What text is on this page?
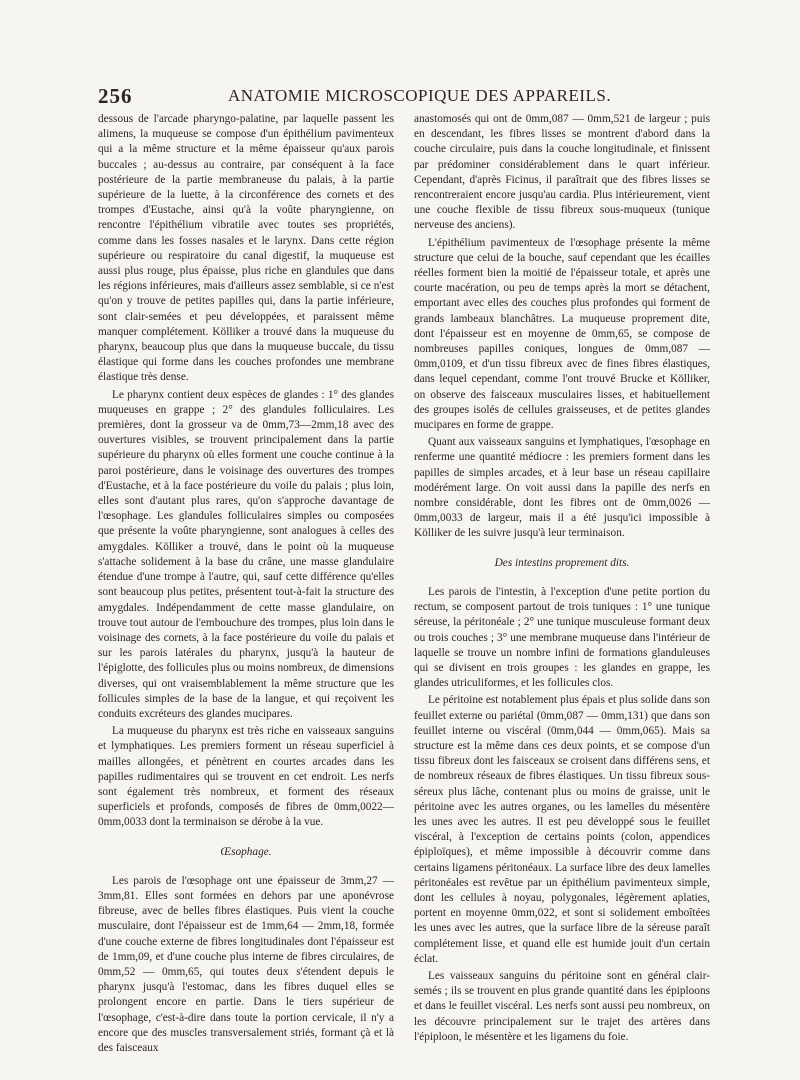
256	ANATOMIE MICROSCOPIQUE DES APPAREILS.

dessous de l'arcade pharyngo-palatine, par laquelle passent les alimens, la muqueuse se compose d'un épithélium pavimenteux qui a la même structure et la même épaisseur qu'aux parois buccales ; au-dessus au contraire, par conséquent à la face postérieure de la partie membraneuse du palais, à la partie supérieure de la luette, à la circonférence des cornets et des trompes d'Eustache, ainsi qu'à la voûte pharyngienne, on rencontre l'épithélium vibratile avec toutes ses propriétés, comme dans les fosses nasales et le larynx. Dans cette région supérieure ou respiratoire du canal digestif, la muqueuse est aussi plus rouge, plus épaisse, plus riche en glandules que dans les régions inférieures, mais d'ailleurs assez semblable, si ce n'est qu'on y trouve de petites papilles qui, dans la partie inférieure, sont clair-semées et peu développées, et paraissent même manquer complétement. Kölliker a trouvé dans la muqueuse du pharynx, beaucoup plus que dans la muqueuse buccale, du tissu élastique qui forme dans les couches profondes une membrane élastique très dense.

Le pharynx contient deux espèces de glandes : 1° des glandes muqueuses en grappe ; 2° des glandules folliculaires. Les premières, dont la grosseur va de 0mm,73—2mm,18 avec des ouvertures visibles, se trouvent principalement dans la partie supérieure du pharynx où elles forment une couche continue à la paroi postérieure, dans le voisinage des ouvertures des trompes d'Eustache, et à la face postérieure du voile du palais ; plus loin, elles sont d'autant plus rares, qu'on s'approche davantage de l'œsophage. Les glandules folliculaires simples ou composées que présente la voûte pharyngienne, sont analogues à celles des amygdales. Kölliker a trouvé, dans le point où la muqueuse s'attache solidement à la base du crâne, une masse glandulaire étendue d'une trompe à l'autre, qui, sauf cette différence qu'elles sont beaucoup plus petites, présentent tout-à-fait la structure des amygdales. Indépendamment de cette masse glandulaire, on trouve tout autour de l'embouchure des trompes, plus loin dans le voisinage des cornets, à la face postérieure du voile du palais et sur les parois latérales du pharynx, jusqu'à la hauteur de l'épiglotte, des follicules plus ou moins nombreux, de dimensions diverses, qui ont vraisemblablement la même structure que les follicules simples de la base de la langue, et qui reçoivent les conduits excréteurs des glandes mucipares.

La muqueuse du pharynx est très riche en vaisseaux sanguins et lymphatiques. Les premiers forment un réseau superficiel à mailles allongées, et pénètrent en courtes arcades dans les papilles rudimentaires qui se trouvent en cet endroit. Les nerfs sont également très nombreux, et forment des réseaux superficiels et profonds, composés de fibres de 0mm,0022—0mm,0033 dont la terminaison se dérobe à la vue.

Œsophage.

Les parois de l'œsophage ont une épaisseur de 3mm,27 — 3mm,81. Elles sont formées en dehors par une aponévrose fibreuse, avec de belles fibres élastiques. Puis vient la couche musculaire, dont l'épaisseur est de 1mm,64 — 2mm,18, formée d'une couche externe de fibres longitudinales dont l'épaisseur est de 1mm,09, et d'une couche plus interne de fibres circulaires, de 0mm,52 — 0mm,65, qui toutes deux s'étendent depuis le pharynx jusqu'à l'estomac, dans les fibres duquel elles se prolongent encore en partie. Dans le tiers supérieur de l'œsophage, c'est-à-dire dans toute la portion cervicale, il n'y a encore que des muscles transversalement striés, formant çà et là des faisceaux

anastomosés qui ont de 0mm,087 — 0mm,521 de largeur ; puis en descendant, les fibres lisses se montrent d'abord dans la couche circulaire, puis dans la couche longitudinale, et finissent par prédominer considérablement dans le quart inférieur. Cependant, d'après Ficinus, il paraîtrait que des fibres lisses se rencontreraient encore jusqu'au cardia. Plus intérieurement, vient une couche flexible de tissu fibreux sous-muqueux (tunique nerveuse des anciens).

L'épithélium pavimenteux de l'œsophage présente la même structure que celui de la bouche, sauf cependant que les écailles réelles forment bien la moitié de l'épaisseur totale, et après une courte macération, ou peu de temps après la mort se détachent, emportant avec elles des couches plus profondes qui forment de grands lambeaux blanchâtres. La muqueuse proprement dite, dont l'épaisseur est en moyenne de 0mm,65, se compose de nombreuses papilles coniques, longues de 0mm,087 — 0mm,0109, et d'un tissu fibreux avec de fines fibres élastiques, dans lequel cependant, comme l'ont trouvé Brucke et Kölliker, on observe des faisceaux musculaires lisses, et habituellement des groupes isolés de cellules graisseuses, et de petites glandes mucipares en forme de grappe.

Quant aux vaisseaux sanguins et lymphatiques, l'œsophage en renferme une quantité médiocre : les premiers forment dans les papilles de simples arcades, et à leur base un réseau capillaire modérément large. On voit aussi dans la papille des nerfs en nombre considérable, dont les fibres ont de 0mm,0026 — 0mm,0033 de largeur, mais il a été jusqu'ici impossible à Kölliker de les suivre jusqu'à leur terminaison.

Des intestins proprement dits.

Les parois de l'intestin, à l'exception d'une petite portion du rectum, se composent partout de trois tuniques : 1° une tunique séreuse, la péritonéale ; 2° une tunique musculeuse formant deux ou trois couches ; 3° une membrane muqueuse dans l'intérieur de laquelle se trouve un nombre infini de formations glanduleuses qui se divisent en trois groupes : les glandes en grappe, les glandes utriculiformes, et les follicules clos.

Le péritoine est notablement plus épais et plus solide dans son feuillet externe ou pariétal (0mm,087 — 0mm,131) que dans son feuillet interne ou viscéral (0mm,044 — 0mm,065). Mais sa structure est la même dans ces deux points, et se compose d'un tissu fibreux dont les faisceaux se croisent dans différens sens, et de nombreux réseaux de fibres élastiques. Un tissu fibreux sous-séreux plus lâche, contenant plus ou moins de graisse, unit le péritoine avec les autres organes, ou les lamelles du mésentère les unes avec les autres. Il est peu développé sous le feuillet viscéral, à l'exception de certains points (colon, appendices épiploïques), et même impossible à découvrir comme dans certains ligamens péritonéaux. La surface libre des deux lamelles péritonéales est revêtue par un épithélium pavimenteux simple, dont les cellules à noyau, polygonales, légèrement aplaties, portent en moyenne 0mm,022, et sont si solidement emboîtées les unes avec les autres, que la surface libre de la séreuse paraît complétement lisse, et quand elle est humide jouit d'un certain éclat.

Les vaisseaux sanguins du péritoine sont en général clair-semés ; ils se trouvent en plus grande quantité dans les épiploons et dans le feuillet viscéral. Les nerfs sont aussi peu nombreux, on les découvre principalement sur le trajet des artères dans l'épiploon, le mésentère et les ligamens du foie.
